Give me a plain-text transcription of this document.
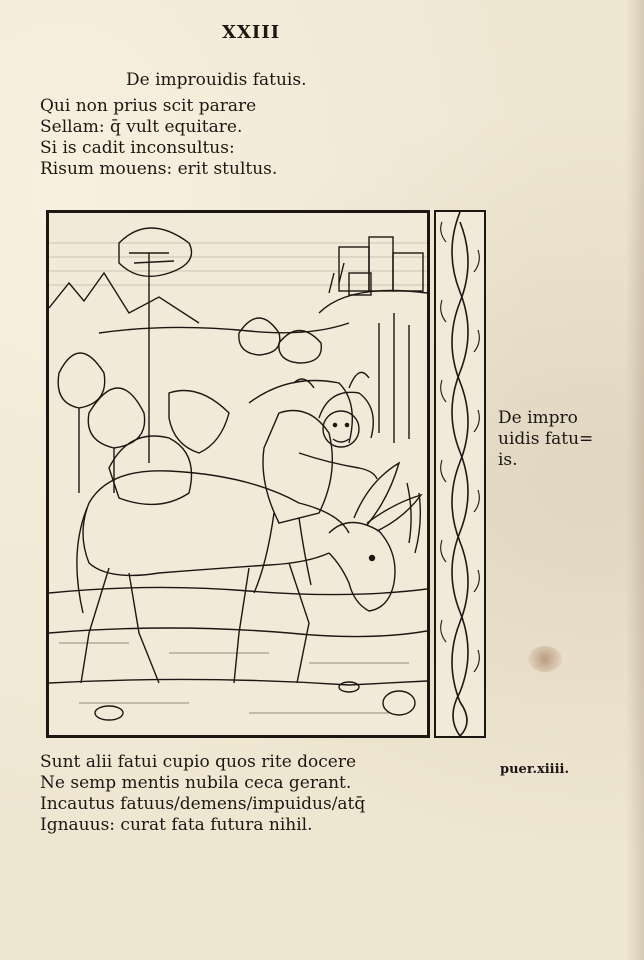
XXIII
De improuidis fatuis.
Qui non prius scit parare
Sellam: q̄ vult equitare.
Si is cadit inconsultus:
Risum mouens: erit stultus.
De impro
uidis fatu=
is.
Sunt alii fatui cupio quos rite docere
Ne semp mentis nubila ceca gerant.
Incautus fatuus/demens/impuidus/atq̄
Ignauus: curat fata futura nihil.
puer.xiiii.
